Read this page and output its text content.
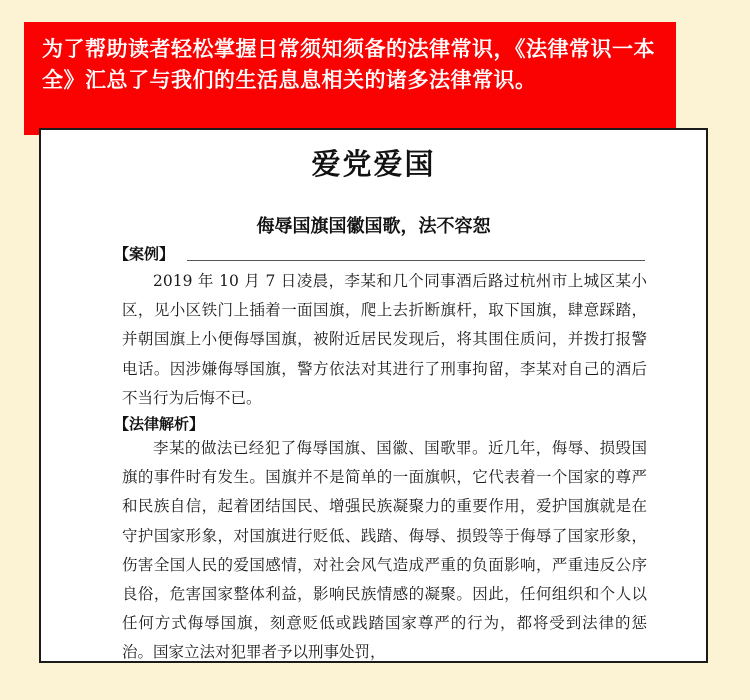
为了帮助读者轻松掌握日常须知须备的法律常识，《法律常识一本全》汇总了与我们的生活息息相关的诸多法律常识。
爱党爱国
侮辱国旗国徽国歌，法不容恕
【案例】

2019 年 10 月 7 日凌晨，李某和几个同事酒后路过杭州市上城区某小区，见小区铁门上插着一面国旗，爬上去折断旗杆，取下国旗，肆意踩踏，并朝国旗上小便侮辱国旗，被附近居民发现后，将其围住质问，并拨打报警电话。因涉嫌侮辱国旗，警方依法对其进行了刑事拘留，李某对自己的酒后不当行为后悔不已。

【法律解析】

李某的做法已经犯了侮辱国旗、国徽、国歌罪。近几年，侮辱、损毁国旗的事件时有发生。国旗并不是简单的一面旗帜，它代表着一个国家的尊严和民族自信，起着团结国民、增强民族凝聚力的重要作用，爱护国旗就是在守护国家形象，对国旗进行贬低、践踏、侮辱、损毁等于侮辱了国家形象，伤害全国人民的爱国感情，对社会风气造成严重的负面影响，严重违反公序良俗，危害国家整体利益，影响民族情感的凝聚。因此，任何组织和个人以任何方式侮辱国旗，刻意贬低或践踏国家尊严的行为，都将受到法律的惩治。国家立法对犯罪者予以刑事处罚，
